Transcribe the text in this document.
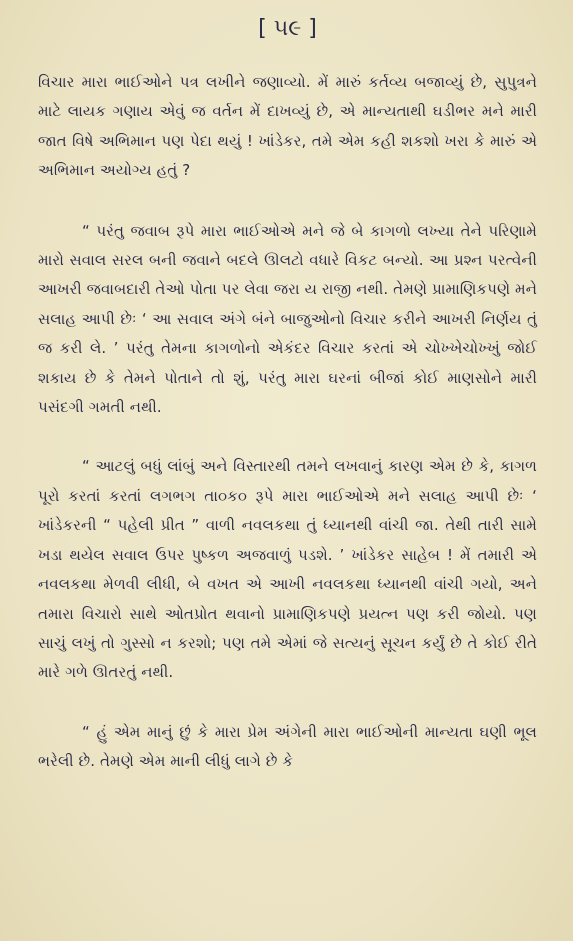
[ ૫૯ ]

વિચાર મારા ભાઈઓને પત્ર લખીને જણાવ્યો. મેં મારું કર્તવ્ય બજાવ્યું છે, સુપુત્રને માટે લાયક ગણાય એવું જ વર્તન મેં દાખવ્યું છે, એ માન્યતાથી ઘડીભર મને મારી જાત વિષે અભિમાન પણ પેદા થયું ! ખાંડેકર, તમે એમ કહી શકશો ખરા કે મારું એ અભિમાન અયોગ્ય હતું ?

“ પરંતુ જવાબ રૂપે મારા ભાઈઓએ મને જે બે કાગળો લખ્યા તેને પરિણામે મારો સવાલ સરલ બની જવાને બદલે ઊલટો વધારે વિકટ બન્યો. આ પ્રશ્ન પરત્વેની આખરી જવાબદારી તેઓ પોતા પર લેવા જરા ય રાજી નથી. તેમણે પ્રામાણિકપણે મને સલાહ આપી છેઃ ‘ આ સવાલ અંગે બંને બાજુઓનો વિચાર કરીને આખરી નિર્ણય તું જ કરી લે. ’ પરંતુ તેમના કાગળોનો એકંદર વિચાર કરતાં એ ચોખ્ખેચોખ્ખું જોઈ શકાય છે કે તેમને પોતાને તો શું, પરંતુ મારા ઘરનાં બીજાં કોઈ માણસોને મારી પસંદગી ગમતી નથી.

“ આટલું બધું લાંબું અને વિસ્તારથી તમને લખવાનું કારણ એમ છે કે, કાગળ પૂરો કરતાં કરતાં લગભગ તા૦ક૦ રૂપે મારા ભાઈઓએ મને સલાહ આપી છેઃ ‘ ખાંડેકરની “ પહેલી પ્રીત ” વાળી નવલકથા તું ધ્યાનથી વાંચી જા. તેથી તારી સામે ખડા થયેલ સવાલ ઉપર પુષ્કળ અજવાળું પડશે. ’ ખાંડેકર સાહેબ ! મેં તમારી એ નવલકથા મેળવી લીધી, બે વખત એ આખી નવલકથા ધ્યાનથી વાંચી ગયો, અને તમારા વિચારો સાથે ઓતપ્રોત થવાનો પ્રામાણિકપણે પ્રયત્ન પણ કરી જોયો. પણ સાચું લખું તો ગુસ્સો ન કરશો; પણ તમે એમાં જે સત્યનું સૂચન કર્યું છે તે કોઈ રીતે મારે ગળે ઊતરતું નથી.

“ હું એમ માનું છું કે મારા પ્રેમ અંગેની મારા ભાઈઓની માન્યતા ઘણી ભૂલ ભરેલી છે. તેમણે એમ માની લીધું લાગે છે કે
